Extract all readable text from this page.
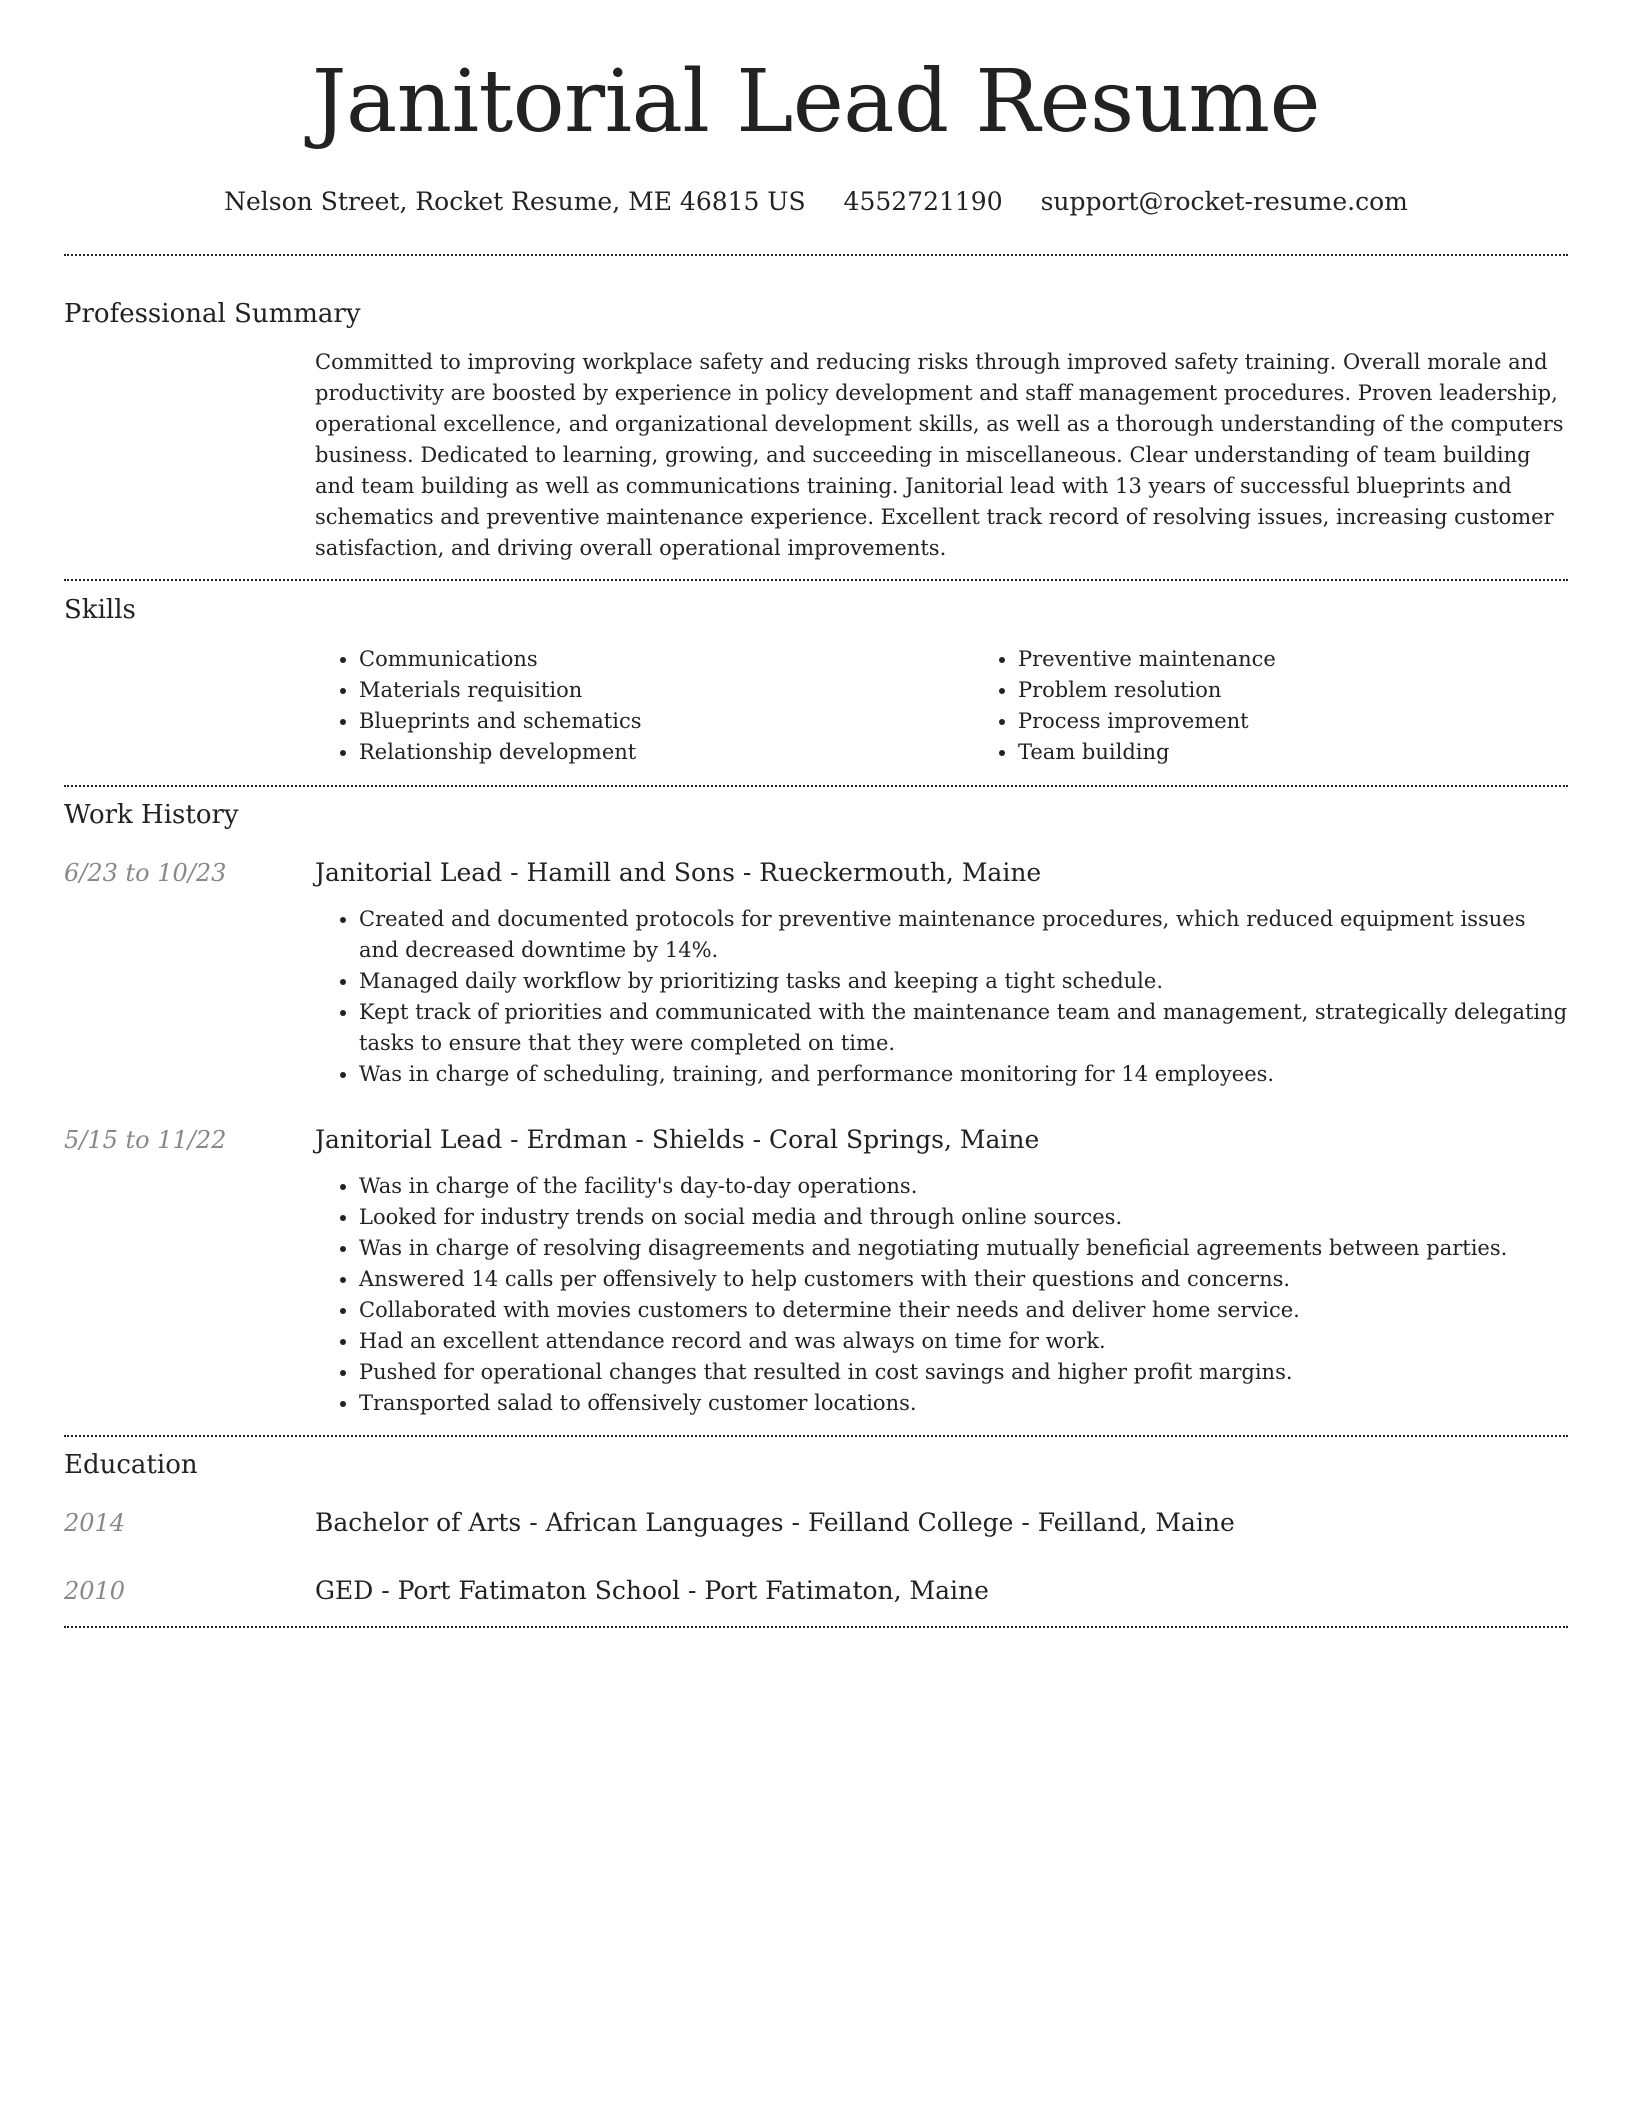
Janitorial Lead Resume
Nelson Street, Rocket Resume, ME 46815 US 4552721190 support@rocket-resume.com
Professional Summary

Committed to improving workplace safety and reducing risks through improved safety training. Overall morale and productivity are boosted by experience in policy development and staff management procedures. Proven leadership, operational excellence, and organizational development skills, as well as a thorough understanding of the computers business. Dedicated to learning, growing, and succeeding in miscellaneous. Clear understanding of team building and team building as well as communications training. Janitorial lead with 13 years of successful blueprints and schematics and preventive maintenance experience. Excellent track record of resolving issues, increasing customer satisfaction, and driving overall operational improvements.

Skills
• Communications
• Materials requisition
• Blueprints and schematics
• Relationship development
• Preventive maintenance
• Problem resolution
• Process improvement
• Team building
Work History
6/23 to 10/23	Janitorial Lead - Hamill and Sons - Rueckermouth, Maine
• Created and documented protocols for preventive maintenance procedures, which reduced equipment issues and decreased downtime by 14%.
• Managed daily workflow by prioritizing tasks and keeping a tight schedule.
• Kept track of priorities and communicated with the maintenance team and management, strategically delegating tasks to ensure that they were completed on time.
• Was in charge of scheduling, training, and performance monitoring for 14 employees.
5/15 to 11/22	Janitorial Lead - Erdman - Shields - Coral Springs, Maine
• Was in charge of the facility's day-to-day operations.
• Looked for industry trends on social media and through online sources.
• Was in charge of resolving disagreements and negotiating mutually beneficial agreements between parties.
• Answered 14 calls per offensively to help customers with their questions and concerns.
• Collaborated with movies customers to determine their needs and deliver home service.
• Had an excellent attendance record and was always on time for work.
• Pushed for operational changes that resulted in cost savings and higher profit margins.
• Transported salad to offensively customer locations.
Education
2014	Bachelor of Arts - African Languages - Feilland College - Feilland, Maine
2010	GED - Port Fatimaton School - Port Fatimaton, Maine
